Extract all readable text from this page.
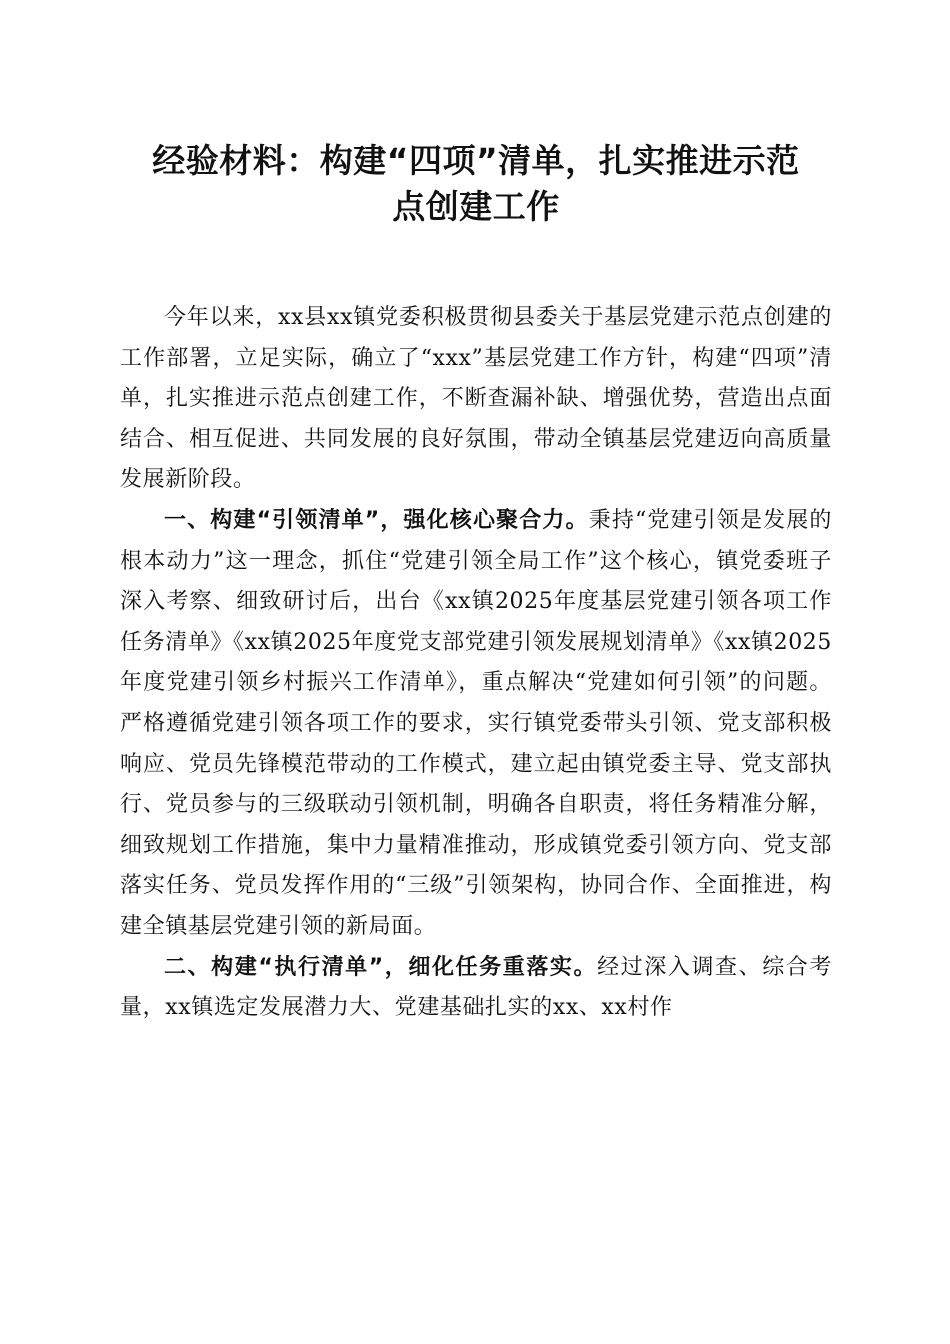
经验材料：构建“四项”清单，扎实推进示范
点创建工作

今年以来，xx县xx镇党委积极贯彻县委关于基层党建示范点创建的工作部署，立足实际，确立了“xxx”基层党建工作方针，构建“四项”清单，扎实推进示范点创建工作，不断查漏补缺、增强优势，营造出点面结合、相互促进、共同发展的良好氛围，带动全镇基层党建迈向高质量发展新阶段。

一、构建“引领清单”，强化核心聚合力。秉持“党建引领是发展的根本动力”这一理念，抓住“党建引领全局工作”这个核心，镇党委班子深入考察、细致研讨后，出台《xx镇2025年度基层党建引领各项工作任务清单》《xx镇2025年度党支部党建引领发展规划清单》《xx镇2025年度党建引领乡村振兴工作清单》，重点解决“党建如何引领”的问题。严格遵循党建引领各项工作的要求，实行镇党委带头引领、党支部积极响应、党员先锋模范带动的工作模式，建立起由镇党委主导、党支部执行、党员参与的三级联动引领机制，明确各自职责，将任务精准分解，细致规划工作措施，集中力量精准推动，形成镇党委引领方向、党支部落实任务、党员发挥作用的“三级”引领架构，协同合作、全面推进，构建全镇基层党建引领的新局面。

二、构建“执行清单”，细化任务重落实。经过深入调查、综合考量，xx镇选定发展潜力大、党建基础扎实的xx、xx村作
